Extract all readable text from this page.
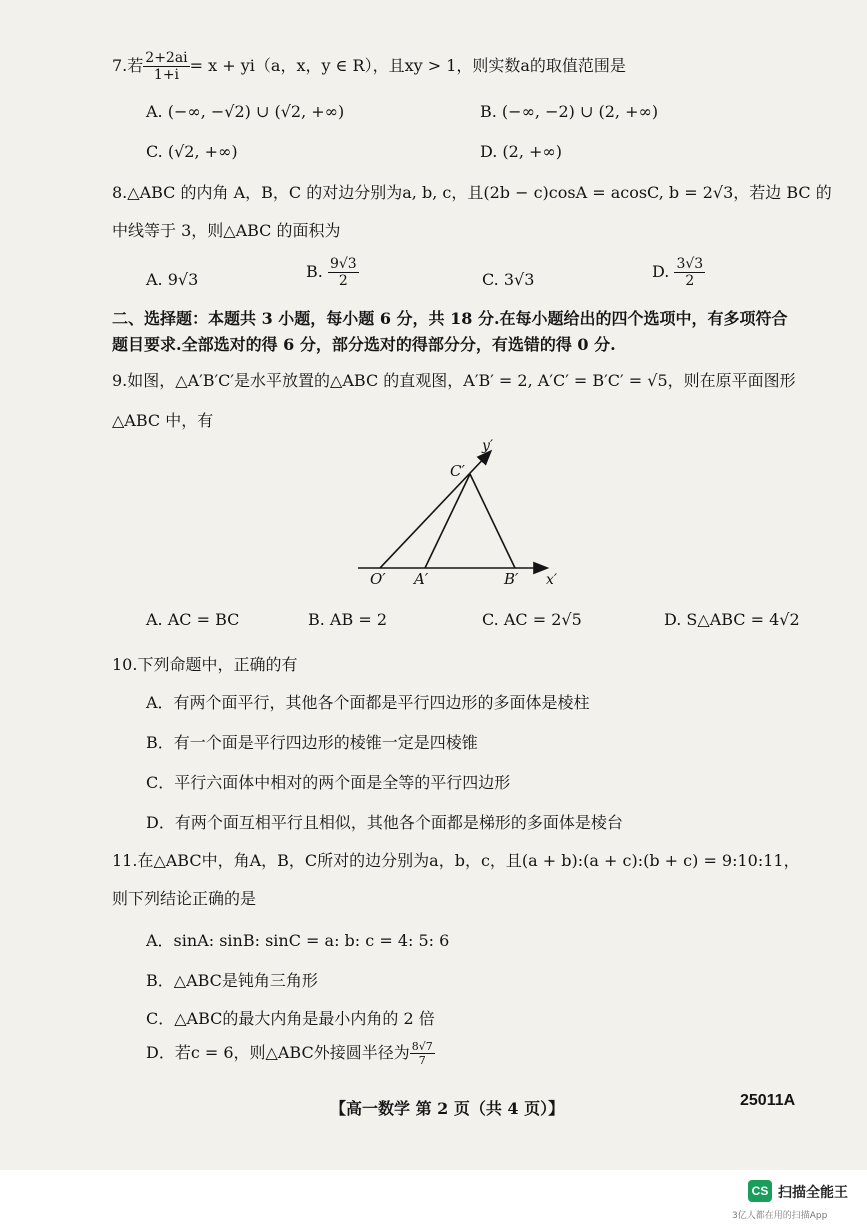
7.若 $\frac{2+2ai}{1+i} = x + yi(a$，x，y ∈ R），且xy > 1，则实数a的取值范围是
A. (−∞, −√2) ∪ (√2, +∞)	B. (−∞, −2) ∪ (2, +∞)
C. (√2, +∞)	D. (2, +∞)
8.△ABC 的内角 A，B，C 的对边分别为a, b, c，且(2b − c)cosA = acosC, b = 2√3，若边 BC 的
中线等于 3，则△ABC 的面积为
A. 9√3	B. $\frac{9√3}{2}$	C. 3√3	D. $\frac{3√3}{2}$
二、选择题：本题共 3 小题，每小题 6 分，共 18 分.在每小题给出的四个选项中，有多项符合
题目要求.全部选对的得 6 分，部分选对的得部分分，有选错的得 0 分.
9.如图，△A′B′C′是水平放置的△ABC 的直观图，A′B′ = 2, A′C′ = B′C′ = √5，则在原平面图形
△ABC 中，有
y′
x′
C′
O′ A′	B′
A. AC = BC	B. AB = 2	C. AC = 2√5	D. S△ABC = 4√2
10.下列命题中，正确的有
A．有两个面平行，其他各个面都是平行四边形的多面体是棱柱
B．有一个面是平行四边形的棱锥一定是四棱锥
C．平行六面体中相对的两个面是全等的平行四边形
D．有两个面互相平行且相似，其他各个面都是梯形的多面体是棱台
11.在△ABC中，角A，B，C所对的边分别为a，b，c，且(a + b):(a + c):(b + c) = 9:10:11，
则下列结论正确的是
A．sinA: sinB: sinC = a: b: c = 4: 5: 6
B．△ABC是钝角三角形
C．△ABC的最大内角是最小内角的 2 倍
D．若c = 6，则△ABC外接圆半径为 $\frac{8√7}{7}$
【高一数学 第 2 页（共 4 页）】	25011A
CS 扫描全能王
3亿人都在用的扫描App
